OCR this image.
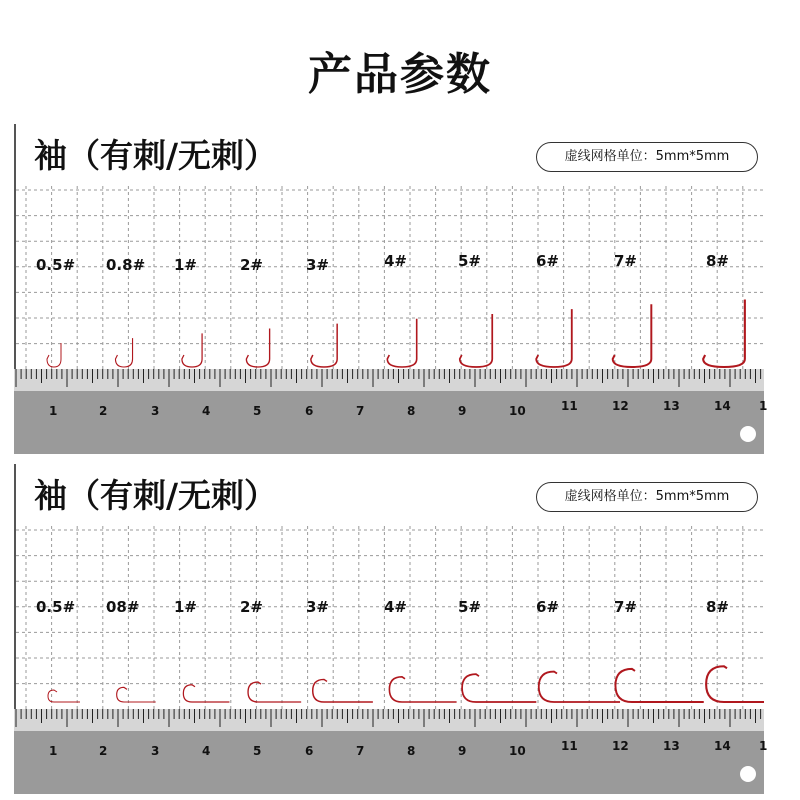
产品参数
袖（有刺/无刺）	虚线网格单位：5mm*5mm
0.5# 0.8# 1#	2#	3#	4#	5#	6#	7#	8#
1	2	3	4	5	6	7	8	9	10	11	12	13	14 1
袖（有刺/无刺）	虚线网格单位：5mm*5mm
0.5# 08# 1#	2#	3#	4#	5#	6#	7#	8#
1	2	3	4	5	6	7	8	9	10	11	12	13	14 1
